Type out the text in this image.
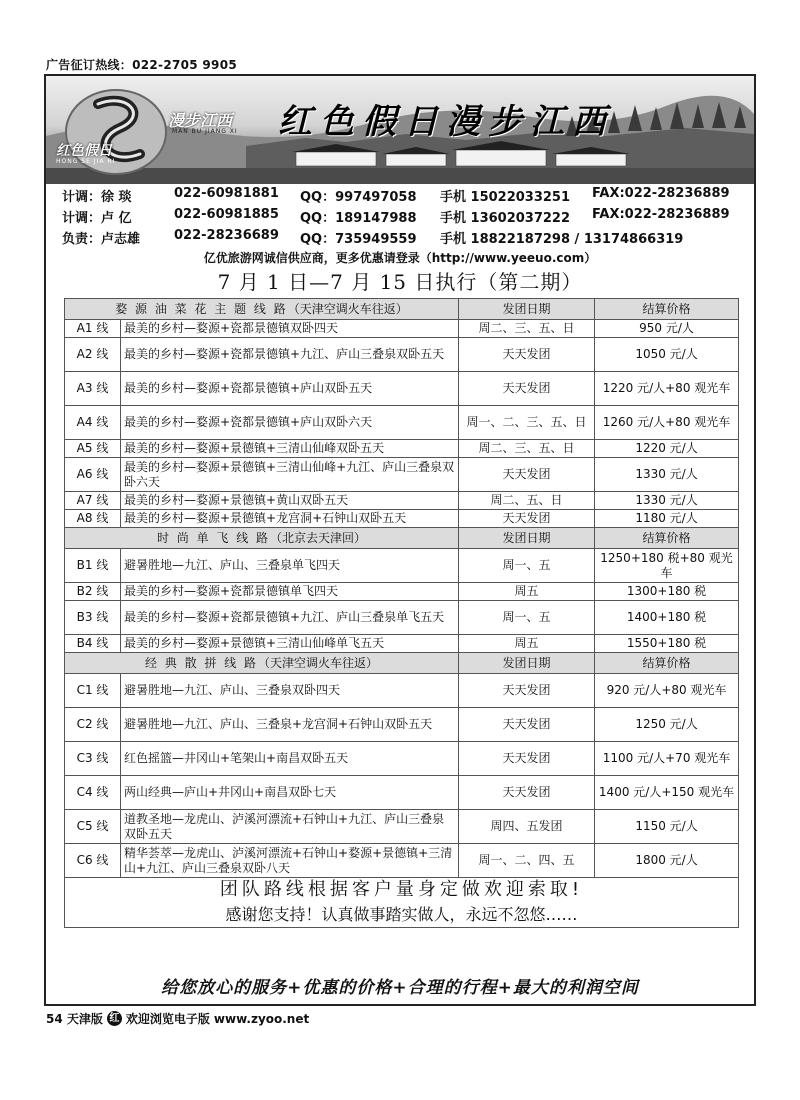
广告征订热线：022-2705 9905
漫步江西
MAN BU JIANG XI
红色假日
HONG SE JIA RI
红色假日漫步江西
计调：徐 琰	022-60981881 QQ：997497058 手机 15022033251 FAX:022-28236889
计调：卢 亿	022-60981885 QQ：189147988 手机 13602037222 FAX:022-28236889
负责：卢志雄	022-28236689 QQ：735949559 手机 18822187298 / 13174866319
亿优旅游网诚信供应商，更多优惠请登录（http://www.yeeuo.com）
7 月 1 日—7 月 15 日执行（第二期）
婺 源 油 菜 花 主 题 线 路（天津空调火车往返）		发团日期	结算价格
A1 线	最美的乡村—婺源+瓷都景德镇双卧四天	周二、三、五、日	950 元/人
A2 线	最美的乡村—婺源+瓷都景德镇+九江、庐山三叠泉双卧五天	天天发团	1050 元/人
A3 线	最美的乡村—婺源+瓷都景德镇+庐山双卧五天	天天发团	1220 元/人+80 观光车
A4 线	最美的乡村—婺源+瓷都景德镇+庐山双卧六天	周一、二、三、五、日	1260 元/人+80 观光车
A5 线	最美的乡村—婺源+景德镇+三清山仙峰双卧五天	周二、三、五、日	1220 元/人
A6 线	最美的乡村—婺源+景德镇+三清山仙峰+九江、庐山三叠泉双卧六天	天天发团	1330 元/人
A7 线	最美的乡村—婺源+景德镇+黄山双卧五天	周二、五、日	1330 元/人
A8 线	最美的乡村—婺源+景德镇+龙宫洞+石钟山双卧五天	天天发团	1180 元/人
时 尚 单 飞 线 路（北京去天津回）		发团日期	结算价格
B1 线	避暑胜地—九江、庐山、三叠泉单飞四天	周一、五	1250+180 税+80 观光车
B2 线	最美的乡村—婺源+瓷都景德镇单飞四天	周五	1300+180 税
B3 线	最美的乡村—婺源+瓷都景德镇+九江、庐山三叠泉单飞五天	周一、五	1400+180 税
B4 线	最美的乡村—婺源+景德镇+三清山仙峰单飞五天	周五	1550+180 税
经 典 散 拼 线 路（天津空调火车往返）		发团日期	结算价格
C1 线	避暑胜地—九江、庐山、三叠泉双卧四天	天天发团	920 元/人+80 观光车
C2 线	避暑胜地—九江、庐山、三叠泉+龙宫洞+石钟山双卧五天	天天发团	1250 元/人
C3 线	红色摇篮—井冈山+笔架山+南昌双卧五天	天天发团	1100 元/人+70 观光车
C4 线	两山经典—庐山+井冈山+南昌双卧七天	天天发团	1400 元/人+150 观光车
C5 线	道教圣地—龙虎山、泸溪河漂流+石钟山+九江、庐山三叠泉双卧五天	周四、五发团	1150 元/人
C6 线	精华荟萃—龙虎山、泸溪河漂流+石钟山+婺源+景德镇+三清山+九江、庐山三叠泉双卧八天	周一、二、四、五	1800 元/人
团队路线根据客户量身定做欢迎索取!			
感谢您支持！认真做事踏实做人，永远不忽悠……			
给您放心的服务+优惠的价格+合理的行程+最大的利润空间
54 天津版 红 欢迎浏览电子版 www.zyoo.net
